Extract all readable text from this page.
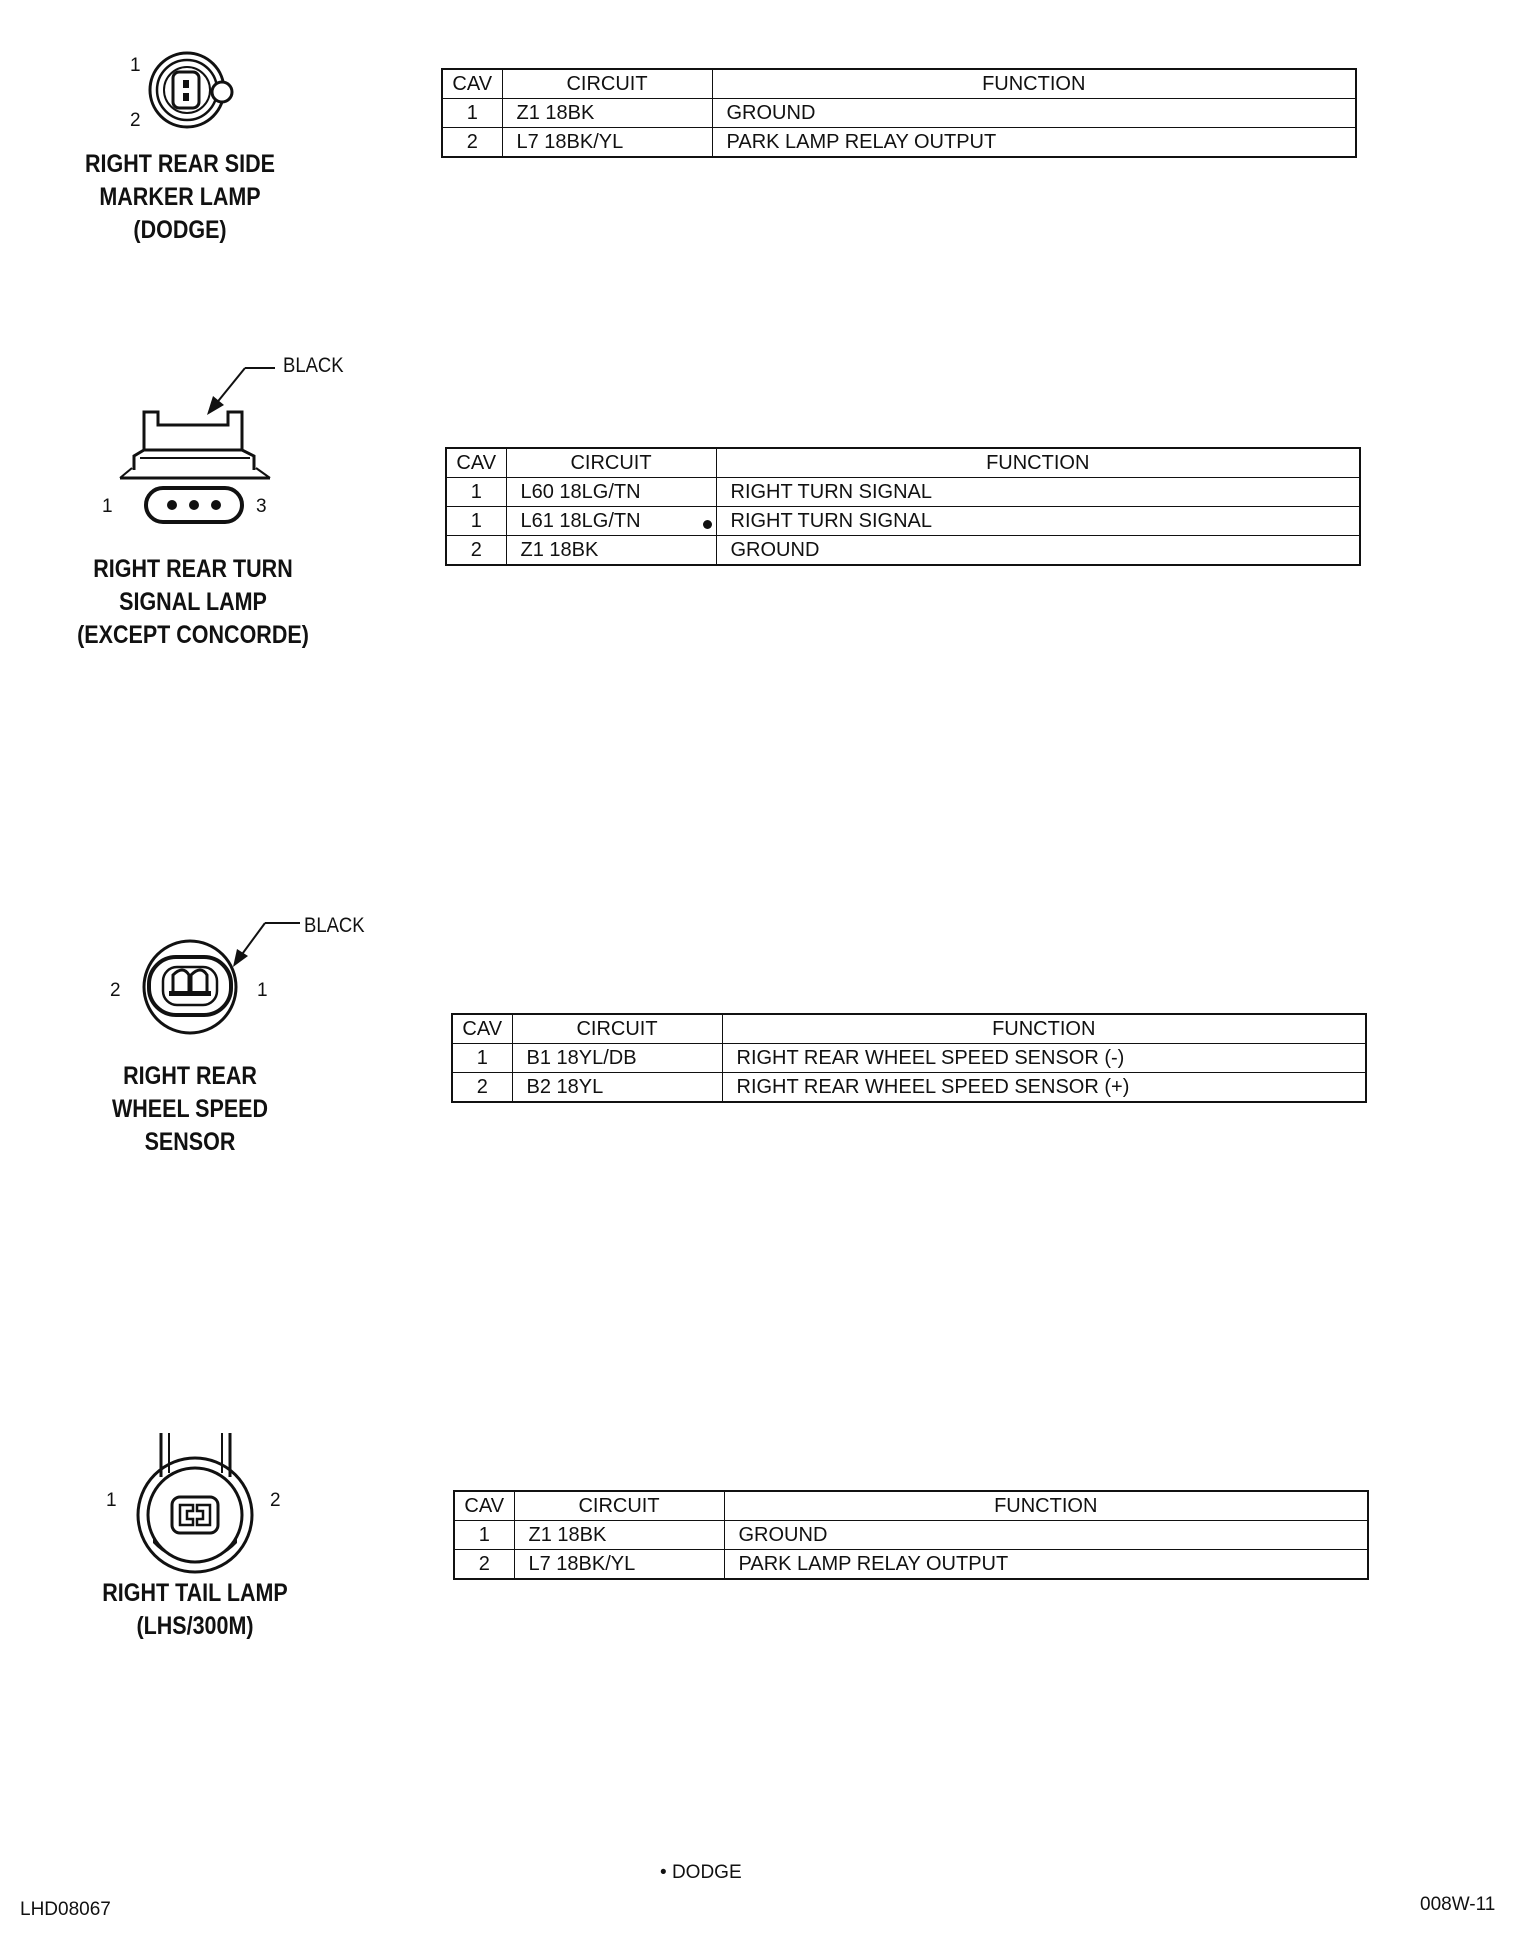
1
2
RIGHT REAR SIDE
MARKER LAMP
(DODGE)
CAV	CIRCUIT	FUNCTION
1	Z1 18BK	GROUND
2	L7 18BK/YL	PARK LAMP RELAY OUTPUT
BLACK
1	3
RIGHT REAR TURN
SIGNAL LAMP
(EXCEPT CONCORDE)
CAV	CIRCUIT	FUNCTION
1	L60 18LG/TN	RIGHT TURN SIGNAL
1	L61 18LG/TN	RIGHT TURN SIGNAL
2	Z1 18BK	GROUND
BLACK
2	1
RIGHT REAR
WHEEL SPEED
SENSOR
CAV	CIRCUIT	FUNCTION
1	B1 18YL/DB	RIGHT REAR WHEEL SPEED SENSOR (-)
2	B2 18YL	RIGHT REAR WHEEL SPEED SENSOR (+)
1	2
RIGHT TAIL LAMP
(LHS/300M)
CAV	CIRCUIT	FUNCTION
1	Z1 18BK	GROUND
2	L7 18BK/YL	PARK LAMP RELAY OUTPUT
• DODGE
LHD08067	008W-11
